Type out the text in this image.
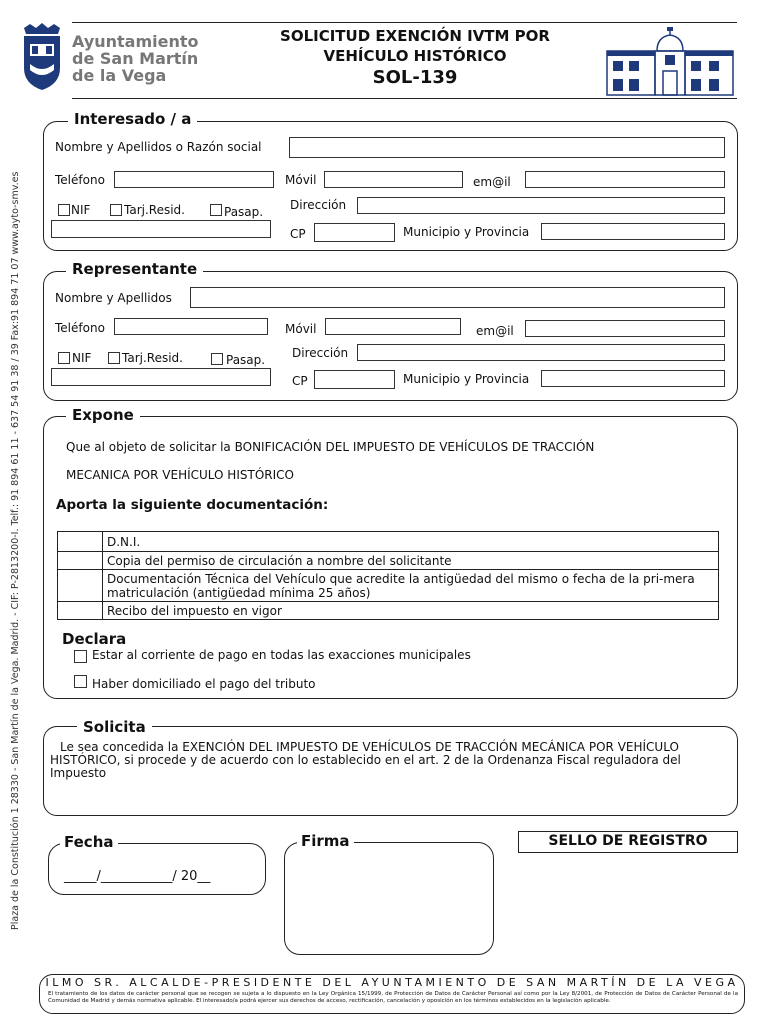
Ayuntamiento
de San Martín
de la Vega
SOLICITUD EXENCIÓN IVTM POR
VEHÍCULO HISTÓRICO
SOL-139
Plaza de la Constitución 1 28330 - San Martín de la Vega. Madrid. - CIF: P-2813200-I. Telf.: 91 894 61 11 - 637 54 91 38 / 39 Fax:91 894 71 07 www.ayto-smv.es
Interesado / a
Nombre y Apellidos o Razón social
Teléfono	Móvil	em@il
NIF	Tarj.Resid.	Pasap. Dirección
CP	Municipio y Provincia
Representante
Nombre y Apellidos
Teléfono	Móvil	em@il
NIF	Tarj.Resid.	Pasap. Dirección
CP	Municipio y Provincia
Expone
Que al objeto de solicitar la BONIFICACIÓN DEL IMPUESTO DE VEHÍCULOS DE TRACCIÓN
MECANICA POR VEHÍCULO HISTÓRICO
Aporta la siguiente documentación:
	D.N.I.
	Copia del permiso de circulación a nombre del solicitante
	Documentación Técnica del Vehículo que acredite la antigüedad del mismo o fecha de la pri-mera matriculación (antigüedad mínima 25 años)
	Recibo del impuesto en vigor
Declara
Estar al corriente de pago en todas las exacciones municipales
Haber domiciliado el pago del tributo
Solicita
Le sea concedida la EXENCIÓN DEL IMPUESTO DE VEHÍCULOS DE TRACCIÓN MECÁNICA POR VEHÍCULO HISTÓRICO, si procede y de acuerdo con lo establecido en el art. 2 de la Ordenanza Fiscal reguladora del Impuesto
Fecha
_____/___________/ 20__
Firma	SELLO DE REGISTRO
ILMO SR. ALCALDE-PRESIDENTE DEL AYUNTAMIENTO DE SAN MARTÍN DE LA VEGA
El tratamiento de los datos de carácter personal que se recogen se sujeta a lo dispuesto en la Ley Orgánica 15/1999, de Protección de Datos de Carácter Personal así como por la Ley 8/2001, de Protección de Datos de Carácter Personal de la Comunidad de Madrid y demás normativa aplicable. El interesado/a podrá ejercer sus derechos de acceso, rectificación, cancelación y oposición en los términos establecidos en la legislación aplicable.
